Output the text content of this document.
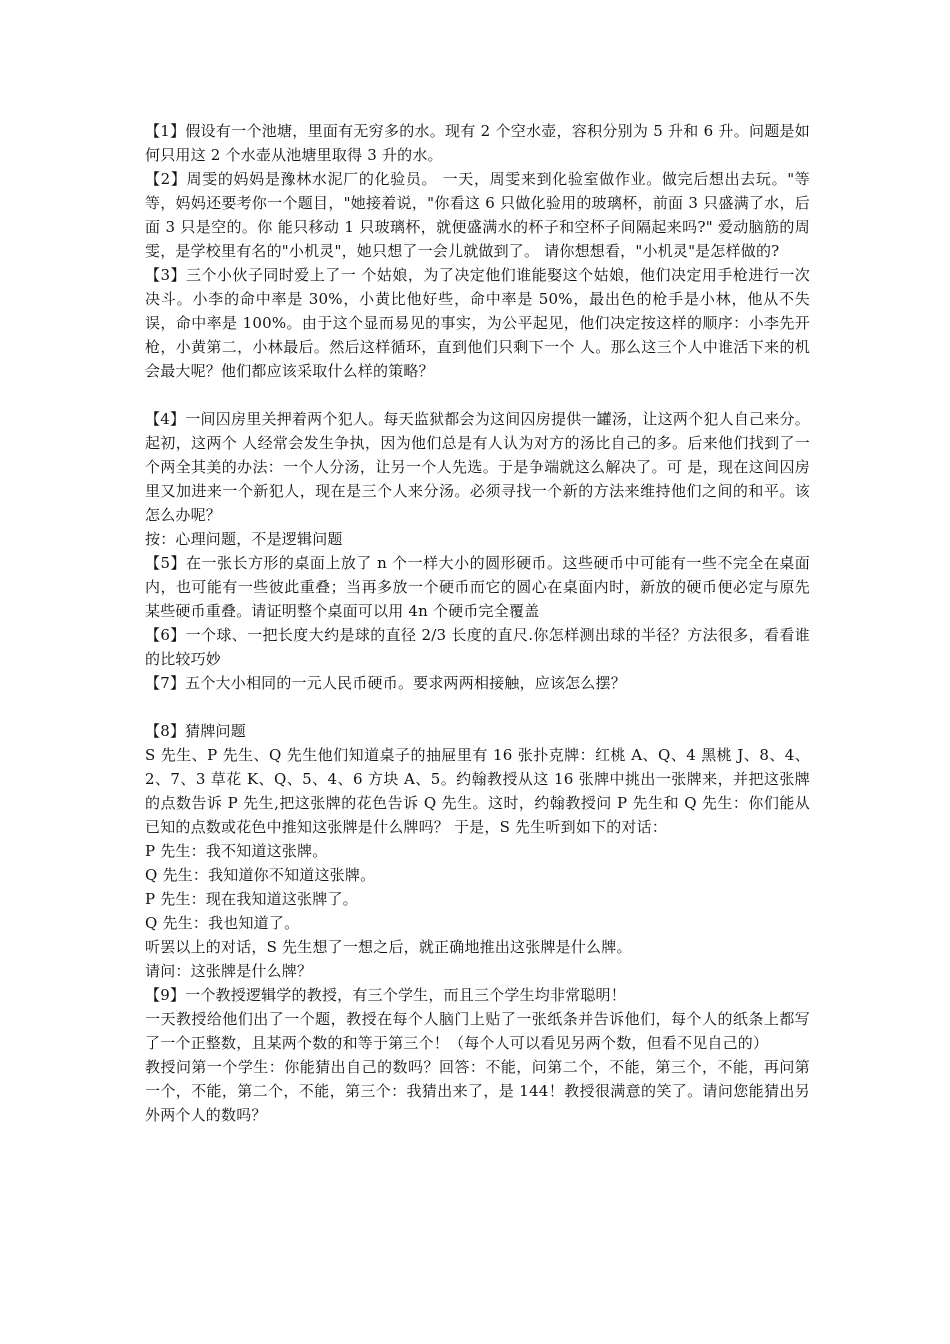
【1】假设有一个池塘，里面有无穷多的水。现有 2 个空水壶，容积分别为 5 升和 6 升。问题是如何只用这 2 个水壶从池塘里取得 3 升的水。

【2】周雯的妈妈是豫林水泥厂的化验员。 一天，周雯来到化验室做作业。做完后想出去玩。"等等，妈妈还要考你一个题目，"她接着说，"你看这 6 只做化验用的玻璃杯，前面 3 只盛满了水，后面 3 只是空的。你 能只移动 1 只玻璃杯，就便盛满水的杯子和空杯子间隔起来吗?" 爱动脑筋的周雯，是学校里有名的"小机灵"，她只想了一会儿就做到了。 请你想想看，"小机灵"是怎样做的?

【3】三个小伙子同时爱上了一 个姑娘，为了决定他们谁能娶这个姑娘，他们决定用手枪进行一次决斗。小李的命中率是 30%，小黄比他好些，命中率是 50%，最出色的枪手是小林，他从不失 误，命中率是 100%。由于这个显而易见的事实，为公平起见，他们决定按这样的顺序：小李先开枪，小黄第二，小林最后。然后这样循环，直到他们只剩下一个 人。那么这三个人中谁活下来的机会最大呢？他们都应该采取什么样的策略？

【4】一间囚房里关押着两个犯人。每天监狱都会为这间囚房提供一罐汤，让这两个犯人自己来分。起初，这两个 人经常会发生争执，因为他们总是有人认为对方的汤比自己的多。后来他们找到了一个两全其美的办法：一个人分汤，让另一个人先选。于是争端就这么解决了。可 是，现在这间囚房里又加进来一个新犯人，现在是三个人来分汤。必须寻找一个新的方法来维持他们之间的和平。该怎么办呢？

按：心理问题，不是逻辑问题

【5】在一张长方形的桌面上放了 n 个一样大小的圆形硬币。这些硬币中可能有一些不完全在桌面内，也可能有一些彼此重叠；当再多放一个硬币而它的圆心在桌面内时，新放的硬币便必定与原先某些硬币重叠。请证明整个桌面可以用 4n 个硬币完全覆盖

【6】一个球、一把长度大约是球的直径 2/3 长度的直尺.你怎样测出球的半径？方法很多，看看谁的比较巧妙

【7】五个大小相同的一元人民币硬币。要求两两相接触，应该怎么摆？

【8】猜牌问题

S 先生、P 先生、Q 先生他们知道桌子的抽屉里有 16 张扑克牌：红桃 A、Q、4 黑桃 J、8、4、2、7、3 草花 K、Q、5、4、6 方块 A、5。约翰教授从这 16 张牌中挑出一张牌来，并把这张牌的点数告诉 P 先生,把这张牌的花色告诉 Q 先生。这时，约翰教授问 P 先生和 Q 先生：你们能从已知的点数或花色中推知这张牌是什么牌吗？ 于是，S 先生听到如下的对话：

P 先生：我不知道这张牌。

Q 先生：我知道你不知道这张牌。

P 先生：现在我知道这张牌了。

Q 先生：我也知道了。

听罢以上的对话，S 先生想了一想之后，就正确地推出这张牌是什么牌。

请问：这张牌是什么牌？

【9】一个教授逻辑学的教授，有三个学生，而且三个学生均非常聪明！

一天教授给他们出了一个题，教授在每个人脑门上贴了一张纸条并告诉他们，每个人的纸条上都写了一个正整数，且某两个数的和等于第三个！（每个人可以看见另两个数，但看不见自己的）

教授问第一个学生：你能猜出自己的数吗？回答：不能，问第二个，不能，第三个，不能，再问第一个，不能，第二个，不能，第三个：我猜出来了，是 144！教授很满意的笑了。请问您能猜出另外两个人的数吗？
